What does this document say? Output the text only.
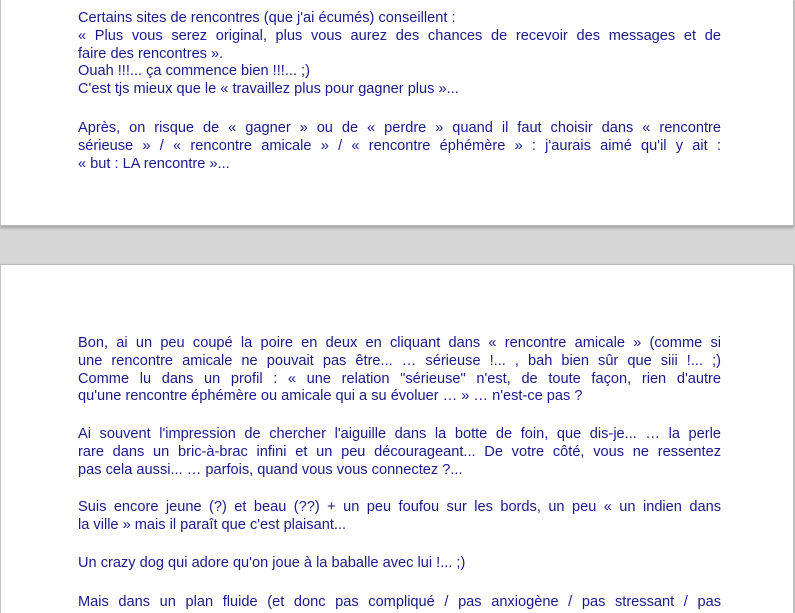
Certains sites de rencontres (que j'ai écumés) conseillent :
« Plus vous serez original, plus vous aurez des chances de recevoir des messages et de
faire des rencontres ».
Ouah !!!... ça commence bien !!!... ;)
C'est tjs mieux que le « travaillez plus pour gagner plus »...

Après, on risque de « gagner » ou de « perdre » quand il faut choisir dans « rencontre
sérieuse » / « rencontre amicale » / « rencontre éphémère » : j'aurais aimé qu'il y ait :
« but : LA rencontre »...

Bon, ai un peu coupé la poire en deux en cliquant dans « rencontre amicale » (comme si
une rencontre amicale ne pouvait pas être... … sérieuse !... , bah bien sûr que siii !... ;)
Comme lu dans un profil : « une relation "sérieuse" n'est, de toute façon, rien d'autre
qu'une rencontre éphémère ou amicale qui a su évoluer … » … n'est-ce pas ?

Ai souvent l'impression de chercher l'aiguille dans la botte de foin, que dis-je... … la perle
rare dans un bric-à-brac infini et un peu décourageant... De votre côté, vous ne ressentez
pas cela aussi... … parfois, quand vous vous connectez ?...

Suis encore jeune (?) et beau (??) + un peu foufou sur les bords, un peu « un indien dans
la ville » mais il paraît que c'est plaisant...

Un crazy dog qui adore qu'on joue à la baballe avec lui !... ;)

Mais dans un plan fluide (et donc pas compliqué / pas anxiogène / pas stressant / pas
